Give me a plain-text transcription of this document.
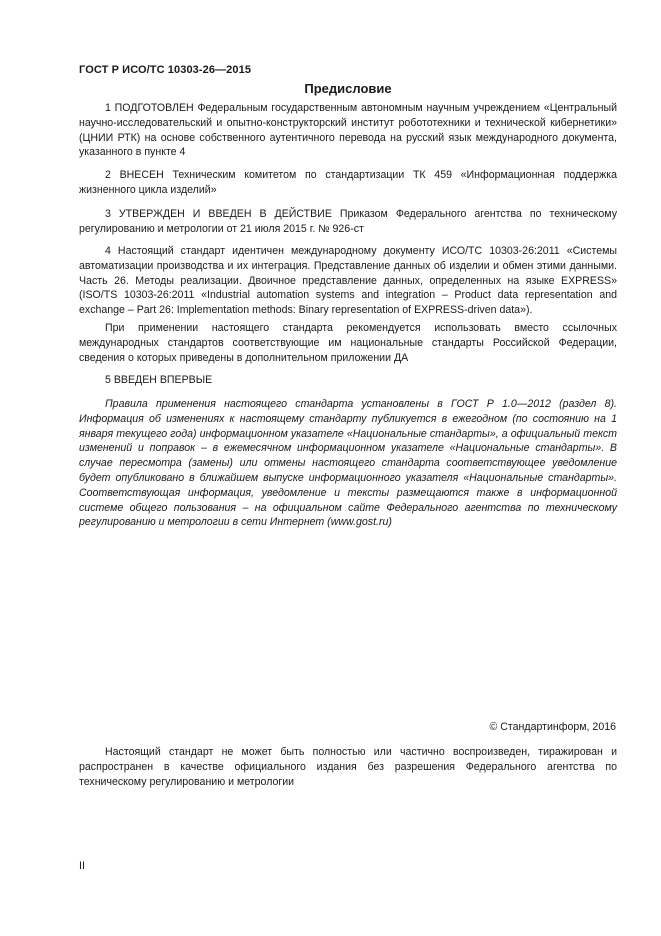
ГОСТ Р ИСО/ТС 10303-26—2015
Предисловие

1 ПОДГОТОВЛЕН Федеральным государственным автономным научным учреждением «Центральный научно-исследовательский и опытно-конструкторский институт робототехники и технической кибернетики» (ЦНИИ РТК) на основе собственного аутентичного перевода на русский язык международного документа, указанного в пункте 4

2 ВНЕСЕН Техническим комитетом по стандартизации ТК 459 «Информационная поддержка жизненного цикла изделий»

3 УТВЕРЖДЕН И ВВЕДЕН В ДЕЙСТВИЕ Приказом Федерального агентства по техническому регулированию и метрологии от 21 июля 2015 г. № 926-ст

4 Настоящий стандарт идентичен международному документу ИСО/ТС 10303-26:2011 «Системы автоматизации производства и их интеграция. Представление данных об изделии и обмен этими данными. Часть 26. Методы реализации. Двоичное представление данных, определенных на языке EXPRESS» (ISO/TS 10303-26:2011 «Industrial automation systems and integration – Product data representation and exchange – Part 26: Implementation methods: Binary representation of EXPRESS-driven data»).

При применении настоящего стандарта рекомендуется использовать вместо ссылочных международных стандартов соответствующие им национальные стандарты Российской Федерации, сведения о которых приведены в дополнительном приложении ДА

5 ВВЕДЕН ВПЕРВЫЕ

Правила применения настоящего стандарта установлены в ГОСТ Р 1.0—2012 (раздел 8). Информация об изменениях к настоящему стандарту публикуется в ежегодном (по состоянию на 1 января текущего года) информационном указателе «Национальные стандарты», а официальный текст изменений и поправок – в ежемесячном информационном указателе «Национальные стандарты». В случае пересмотра (замены) или отмены настоящего стандарта соответствующее уведомление будет опубликовано в ближайшем выпуске информационного указателя «Национальные стандарты». Соответствующая информация, уведомление и тексты размещаются также в информационной системе общего пользования – на официальном сайте Федерального агентства по техническому регулированию и метрологии в сети Интернет (www.gost.ru)

© Стандартинформ, 2016

Настоящий стандарт не может быть полностью или частично воспроизведен, тиражирован и распространен в качестве официального издания без разрешения Федерального агентства по техническому регулированию и метрологии

II
